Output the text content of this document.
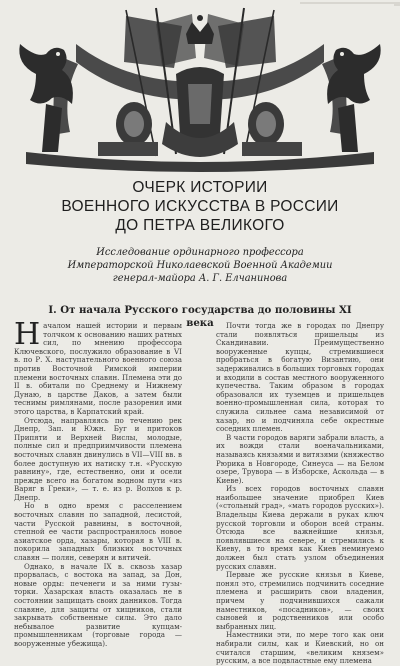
ОЧЕРК ИСТОРИИ
ВОЕННОГО ИСКУССТВА В РОССИИ
ДО ПЕТРА ВЕЛИКОГО
Исследование ординарного профессора
Императорской Николаевской Военной Академии
генерал-майора А. Г. Елчанинова
I. От начала Русского государства до половины XI века

Началом нашей истории и первым толчком к основанию наших ратных сил, по мнению профессора Ключевского, послужило образование в VI в. по Р. Х. наступательного военного союза против Восточной Римской империи племени восточных славян. Племена эти до II в. обитали по Среднему и Нижнему Дунаю, в царстве Даков, а затем были теснимы римлянами, после разорения ими этого царства, в Карпатский край.

Отсюда, направляясь по течению рек Днепр, Зап. и Южн. Буг и притоков Припяти и Верхней Вислы, молодые, полные сил и предприимчивости племена восточных славян двинулись в VII—VIII вв. в более доступную их натиску т.н. «Русскую равнину», где, естественно, они и осели прежде всего на богатом водном пути «из Варяг в Греки», — т. е. из р. Волхов к р. Днепр.

Но в одно время с расселением восточных славян по западной, лесистой, части Русской равнины, в восточной, степной ее части распространялось новое азиатское орда, хазары, которая в VIII в. покорила западных близких восточных славян — полян, северян и вятичей.

Однако, в начале IX в. сквозь хазар прорвалась, с востока на запад, за Дон, новые орды: печенеги и за ними гузы-торки. Хазарская власть оказалась не в состоянии защищать своих данников. Тогда славяне, для защиты от хищников, стали закрывать собственные силы. Это дало небывалое развитие купцам-промышленникам (торговые города — вооруженные убежища).

Почти тогда же в городах по Днепру стали появляться пришельцы из Скандинавии. Преимущественно вооруженные купцы, стремившиеся пробраться в богатую Византию, они задерживались в больших торговых городах и входили в состав местного вооруженного купечества. Таким образом в городах образовался их туземцев и пришельцев военно-промышленная сила, которая то служила сильнее сама независимой от хазар, но и подчиняла себе окрестные соседних племен.

В части городов варяги забрали власть, а их вожди стали военачальниками, называясь князьями и витязями (княжество Рюрика в Новгороде, Синеуса — на Белом озере, Трувора — в Изборске, Аскольда — в Киеве).

Из всех городов восточных славян наибольшее значение приобрел Киев («стольный град», «мать городов русских»). Владельцы Киева держали в руках ключ русской торговли и оборон всей страны. Отсюда все важнейшие князья, появлявшиеся на севере, и стремились к Киеву, в то время как Киев неминуемо должен был стать узлом объединения русских славян.

Первые же русские князья в Киеве, понял это, стремились подчинить соседние племена и расширить свои владения, причем у подчинившихся сажали наместников, «посадников», — своих сыновей и родственников или особо выбранных лиц.

Наместники эти, по мере того как они набирали силы, как и Киевский, но он считался старшим, «великим князем» русским, а все подвластные ему племена
